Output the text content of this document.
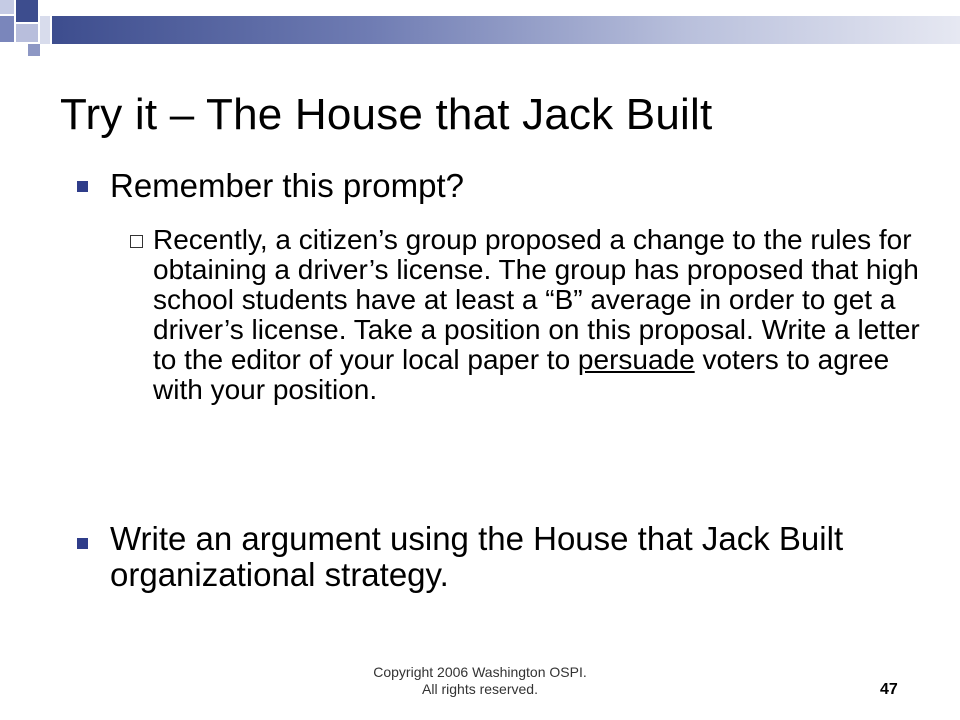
Try it – The House that Jack Built

Remember this prompt?

Recently, a citizen’s group proposed a change to the rules for obtaining a driver’s license. The group has proposed that high school students have at least a “B” average in order to get a driver’s license. Take a position on this proposal. Write a letter to the editor of your local paper to persuade voters to agree with your position.

Write an argument using the House that Jack Built organizational strategy.

Copyright 2006 Washington OSPI.
All rights reserved.	47
